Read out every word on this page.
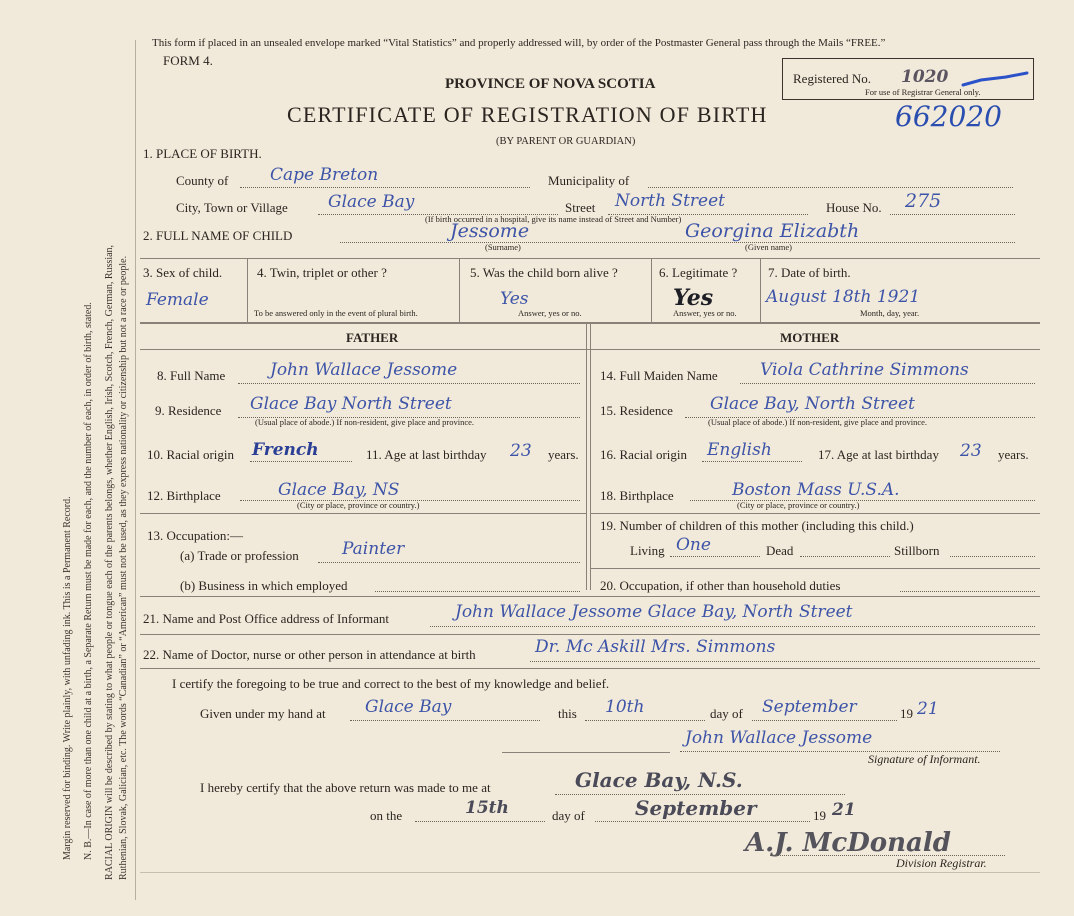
Margin reserved for binding. Write plainly, with unfading ink. This is a Permanent Record. N. B.—In case of more than one child at a birth, a Separate Return must be made for each, and the number of each, in order of birth, stated. RACIAL ORIGIN will be described by stating to what people or tongue each of the parents belongs, whether English, Irish, Scotch, French, German, Russian, Ruthenian, Slovak, Galician, etc. The words “Canadian” or “American” must not be used, as they express nationality or citizenship but not a race or people.
This form if placed in an unsealed envelope marked “Vital Statistics” and properly addressed will, by order of the Postmaster General pass through the Mails “FREE.”
FORM 4.
PROVINCE OF NOVA SCOTIA
CERTIFICATE OF REGISTRATION OF BIRTH
(BY PARENT OR GUARDIAN)
Registered No. 1020
For use of Registrar General only.
662020
1. PLACE OF BIRTH.
County of Cape Breton	Municipality of
City, Town or Village Glace Bay	Street North Street
(If birth occurred in a hospital, give its name instead of Street and Number)
House No. 275
2. FULL NAME OF CHILD	Jessome
(Surname)
Georgina Elizabth
(Given name)
3. Sex of child.
Female
4. Twin, triplet or other ?
To be answered only in the event of plural birth.
5. Was the child born alive ?
Yes
Answer, yes or no.
6. Legitimate ?
Yes
Answer, yes or no.
7. Date of birth.
August 18th 1921
Month, day, year.
FATHER	MOTHER
8. Full Name	John Wallace Jessome
9. Residence Glace Bay North Street
(Usual place of abode.) If non-resident, give place and province.
10. Racial origin French	11. Age at last birthday 23 years.
12. Birthplace	Glace Bay, NS
(City or place, province or country.)
13. Occupation:—
(a) Trade or profession	Painter
(b) Business in which employed
14. Full Maiden Name Viola Cathrine Simmons
15. Residence Glace Bay, North Street
(Usual place of abode.) If non-resident, give place and province.
16. Racial origin English	17. Age at last birthday 23 years.
18. Birthplace	Boston Mass U.S.A.
(City or place, province or country.)
19. Number of children of this mother (including this child.)
Living One	Dead	Stillborn
20. Occupation, if other than household duties
21. Name and Post Office address of Informant	John Wallace Jessome Glace Bay, North Street
22. Name of Doctor, nurse or other person in attendance at birth	Dr. Mc Askill Mrs. Simmons
I certify the foregoing to be true and correct to the best of my knowledge and belief.
Given under my hand at Glace Bay	this 10th	day of September	19 21
John Wallace Jessome
Signature of Informant.
I hereby certify that the above return was made to me at	Glace Bay, N.S.
on the	15th	day of	September	19 21
A.J. McDonald
Division Registrar.
